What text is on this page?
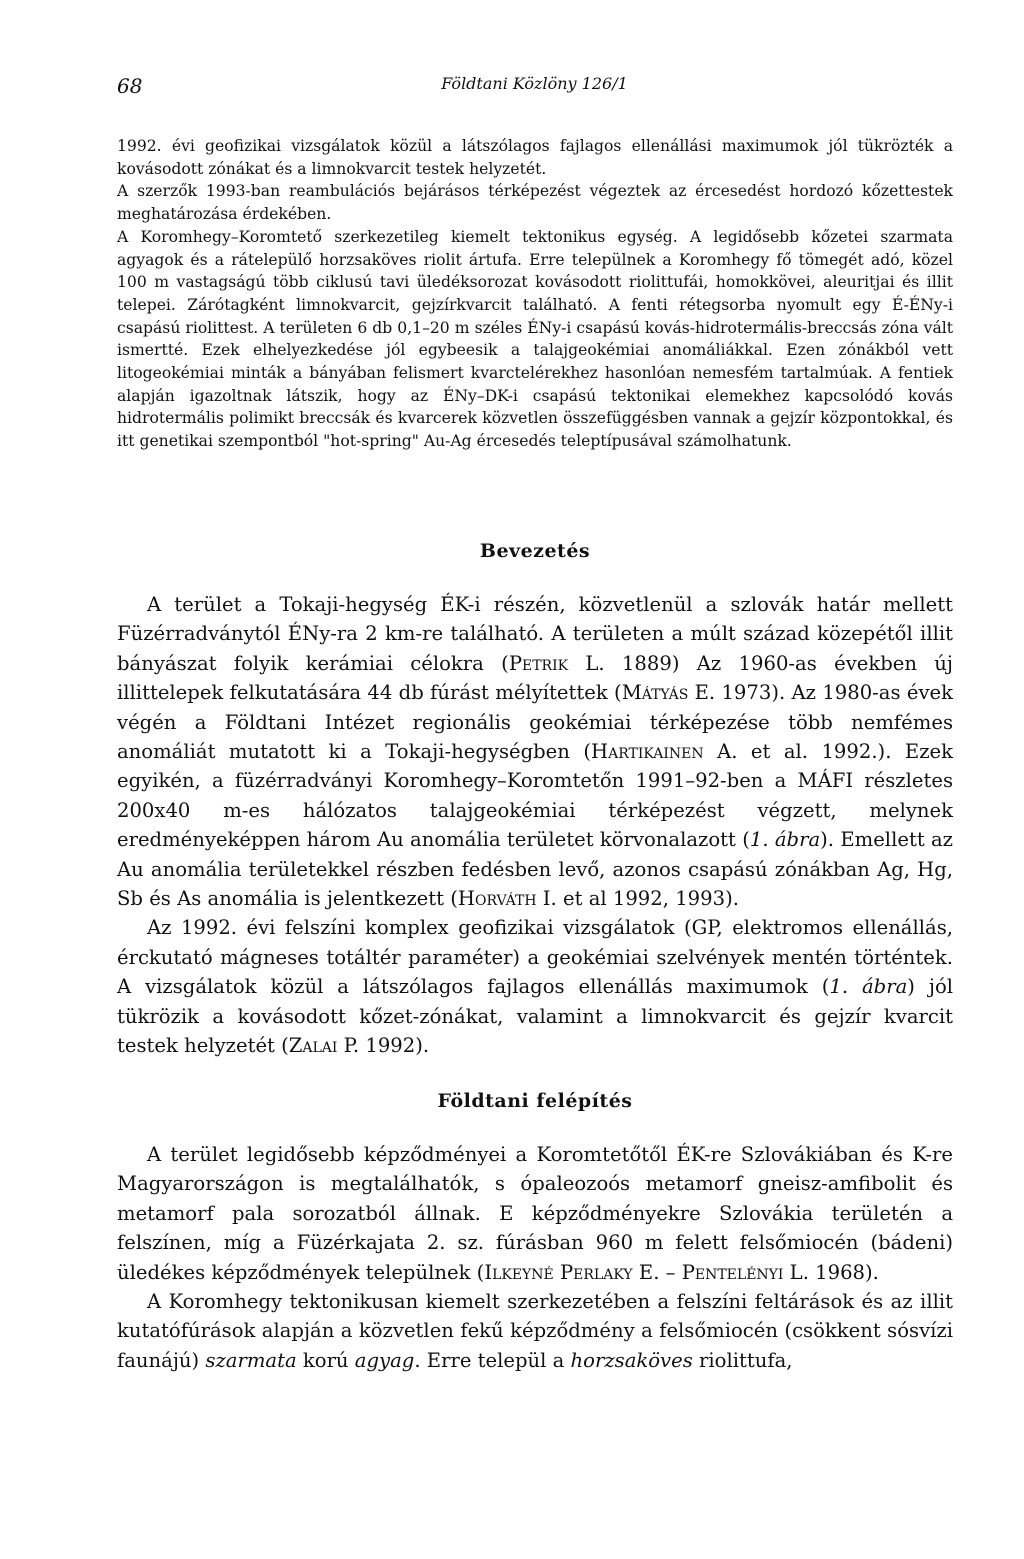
68	Földtani Közlöny 126/1

1992. évi geofizikai vizsgálatok közül a látszólagos fajlagos ellenállási maximumok jól tükrözték a kovásodott zónákat és a limnokvarcit testek helyzetét.

A szerzők 1993-ban reambulációs bejárásos térképezést végeztek az ércesedést hordozó kőzettestek meghatározása érdekében.

A Koromhegy–Koromtető szerkezetileg kiemelt tektonikus egység. A legidősebb kőzetei szarmata agyagok és a rátelepülő horzsaköves riolit ártufa. Erre települnek a Koromhegy fő tömegét adó, közel 100 m vastagságú több ciklusú tavi üledéksorozat kovásodott riolittufái, homokkövei, aleuritjai és illit telepei. Zárótagként limnokvarcit, gejzírkvarcit található. A fenti rétegsorba nyomult egy É-ÉNy-i csapású riolittest. A területen 6 db 0,1–20 m széles ÉNy-i csapású kovás-hidrotermális-breccsás zóna vált ismertté. Ezek elhelyezkedése jól egybeesik a talajgeokémiai anomáliákkal. Ezen zónákból vett litogeokémiai minták a bányában felismert kvarctelérekhez hasonlóan nemesfém tartalmúak. A fentiek alapján igazoltnak látszik, hogy az ÉNy–DK-i csapású tektonikai elemekhez kapcsolódó kovás hidrotermális polimikt breccsák és kvarcerek közvetlen összefüggésben vannak a gejzír központokkal, és itt genetikai szempontból "hot-spring" Au-Ag ércesedés teleptípusával számolhatunk.

Bevezetés

A terület a Tokaji-hegység ÉK-i részén, közvetlenül a szlovák határ mellett Füzérradványtól ÉNy-ra 2 km-re található. A területen a múlt század közepétől illit bányászat folyik kerámiai célokra (Petrik L. 1889) Az 1960-as években új illittelepek felkutatására 44 db fúrást mélyítettek (Mátyás E. 1973). Az 1980-as évek végén a Földtani Intézet regionális geokémiai térképezése több nemfémes anomáliát mutatott ki a Tokaji-hegységben (Hartikainen A. et al. 1992.). Ezek egyikén, a füzérradványi Koromhegy–Koromtetőn 1991–92-ben a MÁFI részletes 200x40 m-es hálózatos talajgeokémiai térképezést végzett, melynek eredményeképpen három Au anomália területet körvonalazott (1. ábra). Emellett az Au anomália területekkel részben fedésben levő, azonos csapású zónákban Ag, Hg, Sb és As anomália is jelentkezett (Horváth I. et al 1992, 1993).

Az 1992. évi felszíni komplex geofizikai vizsgálatok (GP, elektromos ellenállás, érckutató mágneses totáltér paraméter) a geokémiai szelvények mentén történtek. A vizsgálatok közül a látszólagos fajlagos ellenállás maximumok (1. ábra) jól tükrözik a kovásodott kőzet-zónákat, valamint a limnokvarcit és gejzír kvarcit testek helyzetét (Zalai P. 1992).

Földtani felépítés

A terület legidősebb képződményei a Koromtetőtől ÉK-re Szlovákiában és K-re Magyarországon is megtalálhatók, s ópaleozoós metamorf gneisz-amfibolit és metamorf pala sorozatból állnak. E képződményekre Szlovákia területén a felszínen, míg a Füzérkajata 2. sz. fúrásban 960 m felett felsőmiocén (bádeni) üledékes képződmények települnek (Ilkeyné Perlaky E. – Pentelényi L. 1968).

A Koromhegy tektonikusan kiemelt szerkezetében a felszíni feltárások és az illit kutatófúrások alapján a közvetlen fekű képződmény a felsőmiocén (csökkent sósvízi faunájú) szarmata korú agyag. Erre települ a horzsaköves riolittufa,
